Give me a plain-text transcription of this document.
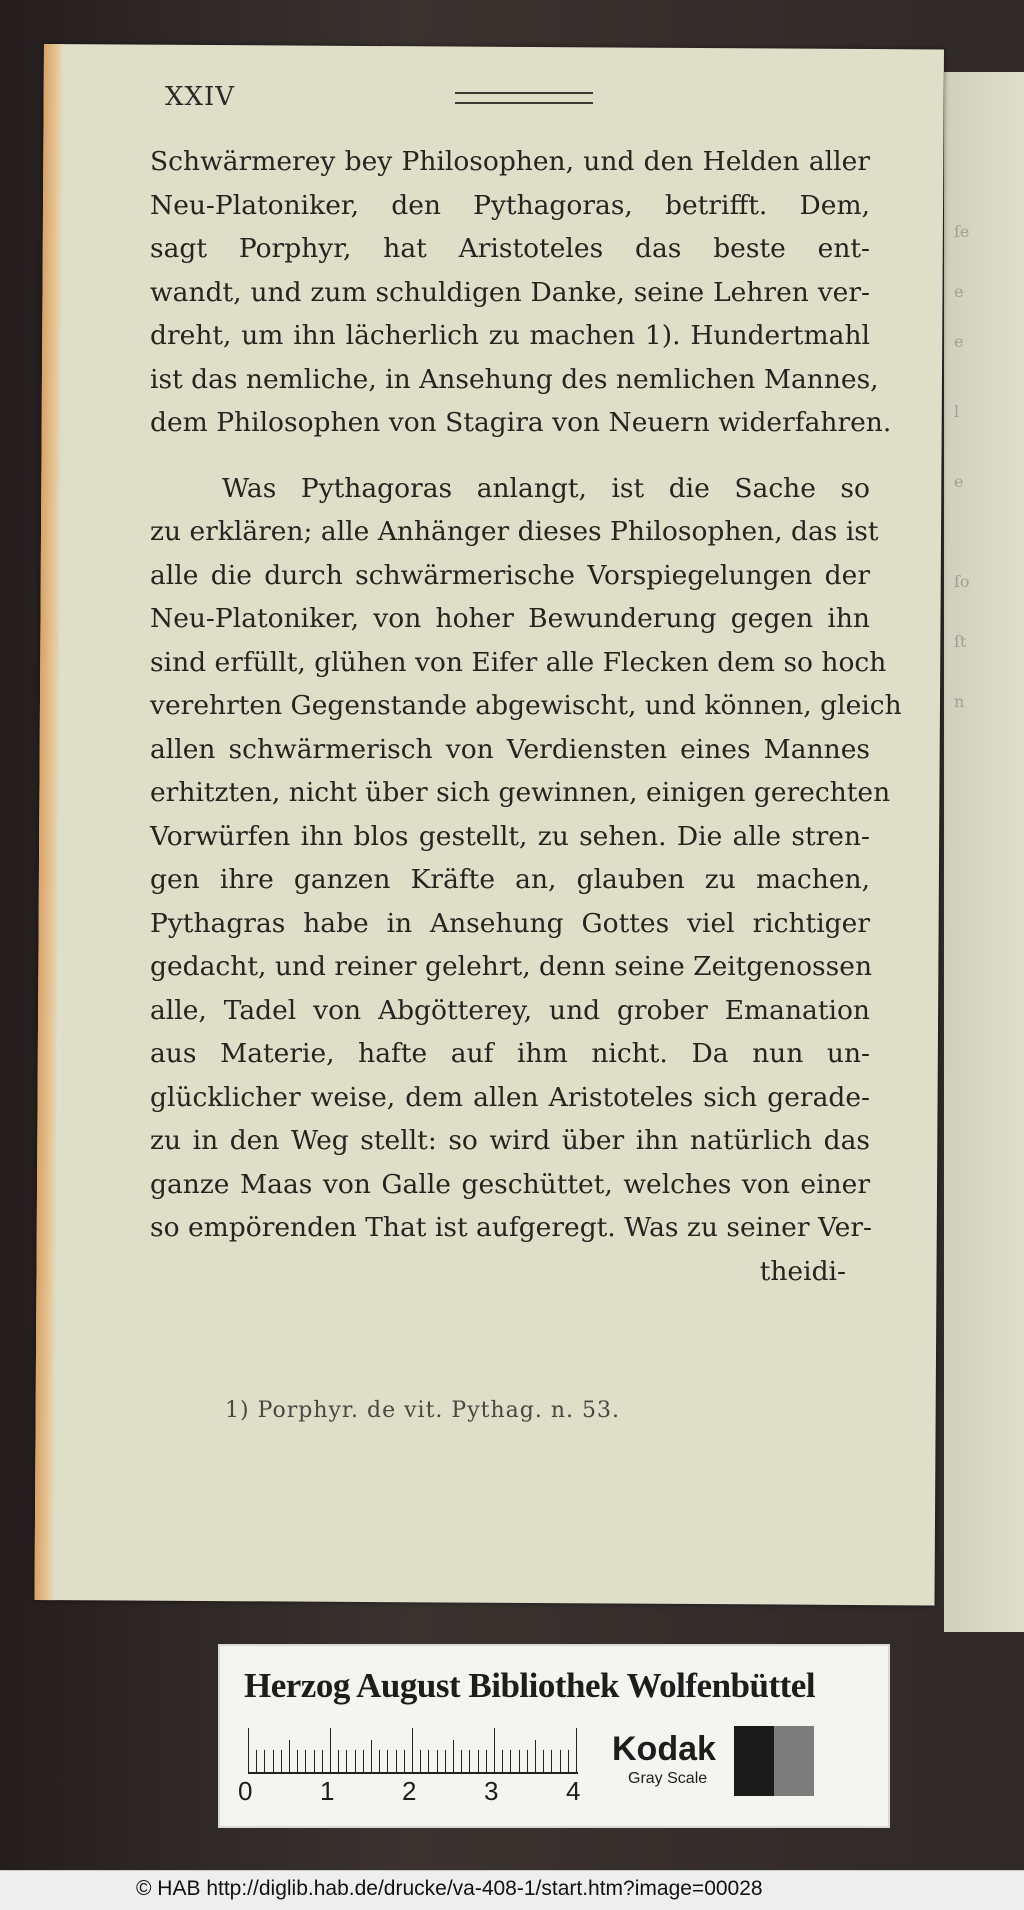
ſe
e
e
l
e
ſo
ſt
n
XXIV

Schwärmerey bey Philosophen, und den Helden aller
Neu-Platoniker, den Pythagoras, betrifft. Dem,
sagt Porphyr, hat Aristoteles das beste ent-
wandt, und zum schuldigen Danke, seine Lehren ver-
dreht, um ihn lächerlich zu machen 1). Hundertmahl
ist das nemliche, in Ansehung des nemlichen Mannes,
dem Philosophen von Stagira von Neuern widerfahren.

Was Pythagoras anlangt, ist die Sache so
zu erklären; alle Anhänger dieses Philosophen, das ist
alle die durch schwärmerische Vorspiegelungen der
Neu-Platoniker, von hoher Bewunderung gegen ihn
sind erfüllt, glühen von Eifer alle Flecken dem so hoch
verehrten Gegenstande abgewischt, und können, gleich
allen schwärmerisch von Verdiensten eines Mannes
erhitzten, nicht über sich gewinnen, einigen gerechten
Vorwürfen ihn blos gestellt, zu sehen. Die alle stren-
gen ihre ganzen Kräfte an, glauben zu machen,
Pythagras habe in Ansehung Gottes viel richtiger
gedacht, und reiner gelehrt, denn seine Zeitgenossen
alle, Tadel von Abgötterey, und grober Emanation
aus Materie, hafte auf ihm nicht. Da nun un-
glücklicher weise, dem allen Aristoteles sich gerade-
zu in den Weg stellt: so wird über ihn natürlich das
ganze Maas von Galle geschüttet, welches von einer
so empörenden That ist aufgeregt. Was zu seiner Ver-

theidi-
1) Porphyr. de vit. Pythag. n. 53.
Herzog August Bibliothek Wolfenbüttel
0	1	2	3	4
Kodak
Gray Scale
© HAB http://diglib.hab.de/drucke/va-408-1/start.htm?image=00028
